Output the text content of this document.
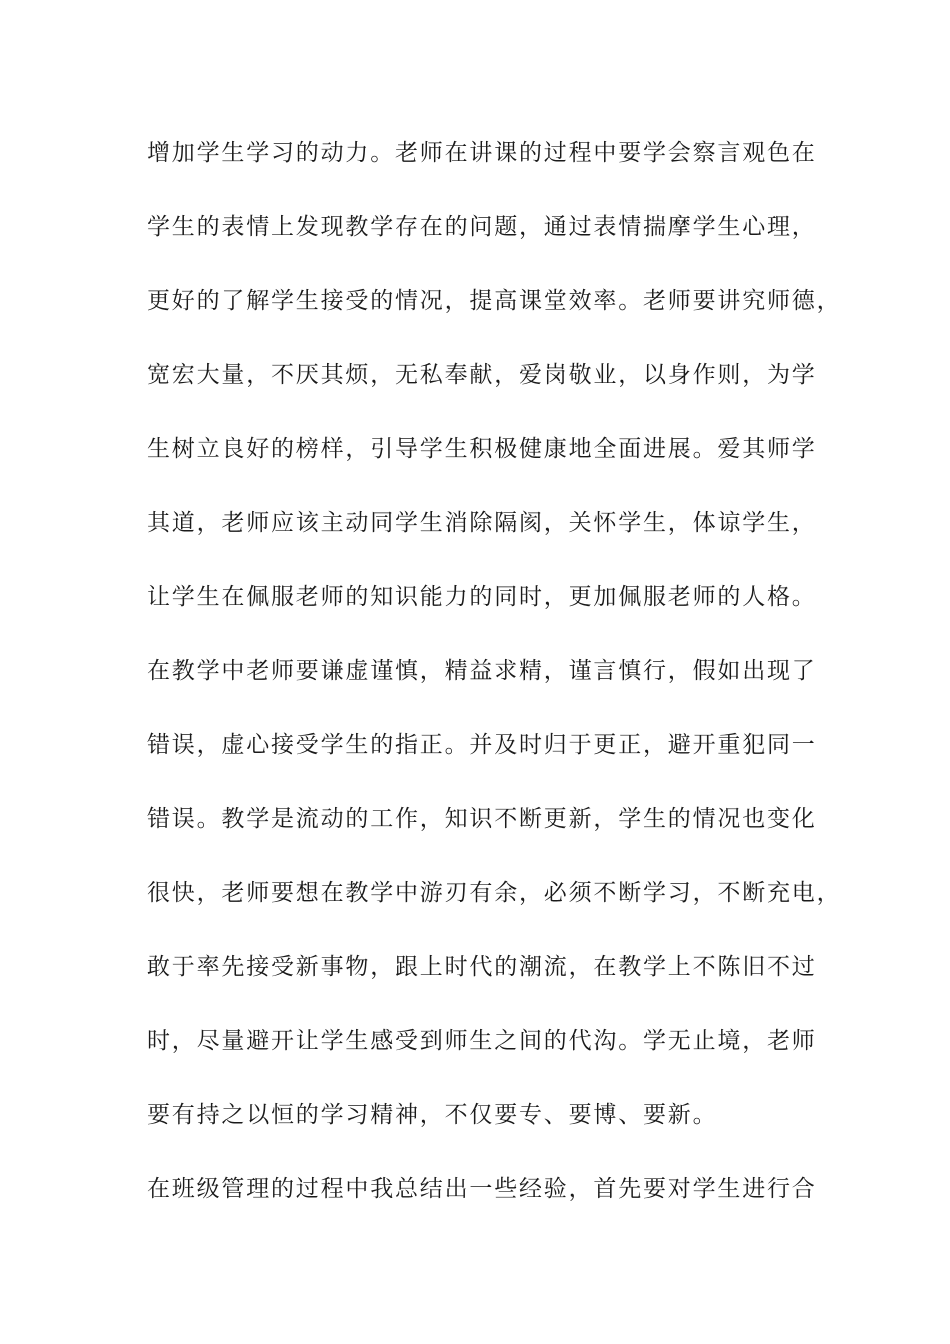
增加学生学习的动力。老师在讲课的过程中要学会察言观色在

学生的表情上发现教学存在的问题，通过表情揣摩学生心理，

更好的了解学生接受的情况，提高课堂效率。老师要讲究师德，

宽宏大量，不厌其烦，无私奉献，爱岗敬业，以身作则，为学

生树立良好的榜样，引导学生积极健康地全面进展。爱其师学

其道，老师应该主动同学生消除隔阂，关怀学生，体谅学生，

让学生在佩服老师的知识能力的同时，更加佩服老师的人格。

在教学中老师要谦虚谨慎，精益求精，谨言慎行，假如出现了

错误，虚心接受学生的指正。并及时归于更正，避开重犯同一

错误。教学是流动的工作，知识不断更新，学生的情况也变化

很快，老师要想在教学中游刃有余，必须不断学习，不断充电，

敢于率先接受新事物，跟上时代的潮流，在教学上不陈旧不过

时，尽量避开让学生感受到师生之间的代沟。学无止境，老师

要有持之以恒的学习精神，不仅要专、要博、要新。

在班级管理的过程中我总结出一些经验，首先要对学生进行合
